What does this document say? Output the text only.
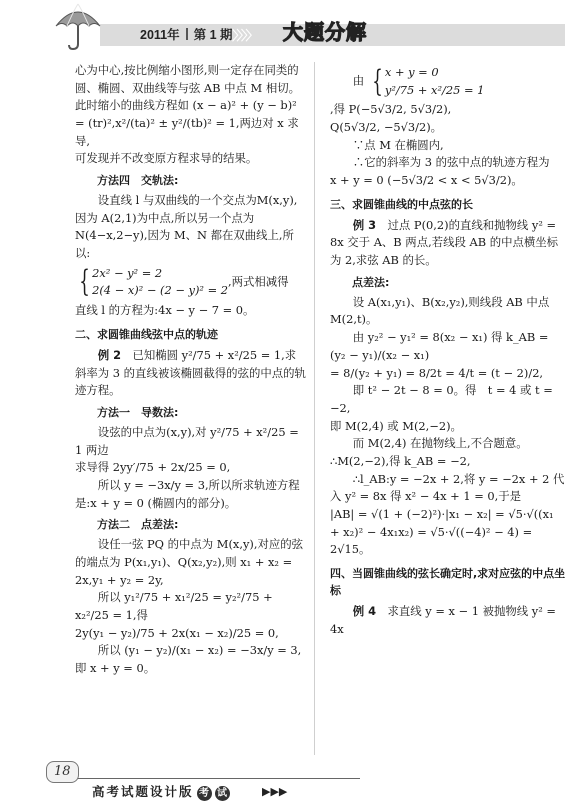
2011年 第 1 期 〉〉〉〉 大题分解

心为中心,按比例缩小图形,则一定存在同类的圆、椭圆、双曲线等与弦 AB 中点 M 相切。此时缩小的曲线方程如 (x − a)² + (y − b)² = (tr)²,x²/(ta)² ± y²/(tb)² = 1,两边对 x 求导,

可发现并不改变原方程求导的结果。

方法四　交轨法:

设直线 l 与双曲线的一个交点为M(x,y),因为 A(2,1)为中点,所以另一个点为 N(4−x,2−y),因为 M、N 都在双曲线上,所以:

{ 2x² − y² = 2
2(4 − x)² − (2 − y)² = 2
,两式相减得

直线 l 的方程为:4x − y − 7 = 0。

二、求圆锥曲线弦中点的轨迹

例 2　 已知椭圆 y²/75 + x²/25 = 1,求斜率为 3 的直线被该椭圆截得的弦的中点的轨迹方程。

方法一　导数法:

设弦的中点为(x,y),对 y²/75 + x²/25 = 1 两边

求导得 2yy′/75 + 2x/25 = 0,

所以 y = −3x/y = 3,所以所求轨迹方程

是:x + y = 0 (椭圆内的部分)。

方法二　点差法:

设任一弦 PQ 的中点为 M(x,y),对应的弦的端点为 P(x₁,y₁)、Q(x₂,y₂),则 x₁ + x₂ = 2x,y₁ + y₂ = 2y,

所以 y₁²/75 + x₁²/25 = y₂²/75 + x₂²/25 = 1,得

2y(y₁ − y₂)/75 + 2x(x₁ − x₂)/25 = 0,

所以 (y₁ − y₂)/(x₁ − x₂) = −3x/y = 3,即 x + y = 0。

由 { x + y = 0
y²/75 + x²/25 = 1

,得 P(−5√3/2, 5√3/2),

Q(5√3/2, −5√3/2)。

∵点 M 在椭圆内,

∴它的斜率为 3 的弦中点的轨迹方程为

x + y = 0 (−5√3/2 < x < 5√3/2)。

三、求圆锥曲线的中点弦的长

例 3　 过点 P(0,2)的直线和抛物线 y² = 8x 交于 A、B 两点,若线段 AB 的中点横坐标为 2,求弦 AB 的长。

点差法:

设 A(x₁,y₁)、B(x₂,y₂),则线段 AB 中点 M(2,t)。

由 y₂² − y₁² = 8(x₂ − x₁) 得 k_AB = (y₂ − y₁)/(x₂ − x₁)

= 8/(y₂ + y₁) = 8/2t = 4/t = (t − 2)/2,

即 t² − 2t − 8 = 0。得　t = 4 或 t = −2,

即 M(2,4) 或 M(2,−2)。

而 M(2,4) 在抛物线上,不合题意。

∴M(2,−2),得 k_AB = −2,

∴l_AB:y = −2x + 2,将 y = −2x + 2 代入 y² = 8x 得 x² − 4x + 1 = 0,于是

|AB| = √(1 + (−2)²)·|x₁ − x₂| = √5·√((x₁ + x₂)² − 4x₁x₂) = √5·√((−4)² − 4) = 2√15。

四、当圆锥曲线的弦长确定时,求对应弦的中点坐标

例 4　 求直线 y = x − 1 被抛物线 y² = 4x

18
高考试题设计版 考 试	▶▶▶
